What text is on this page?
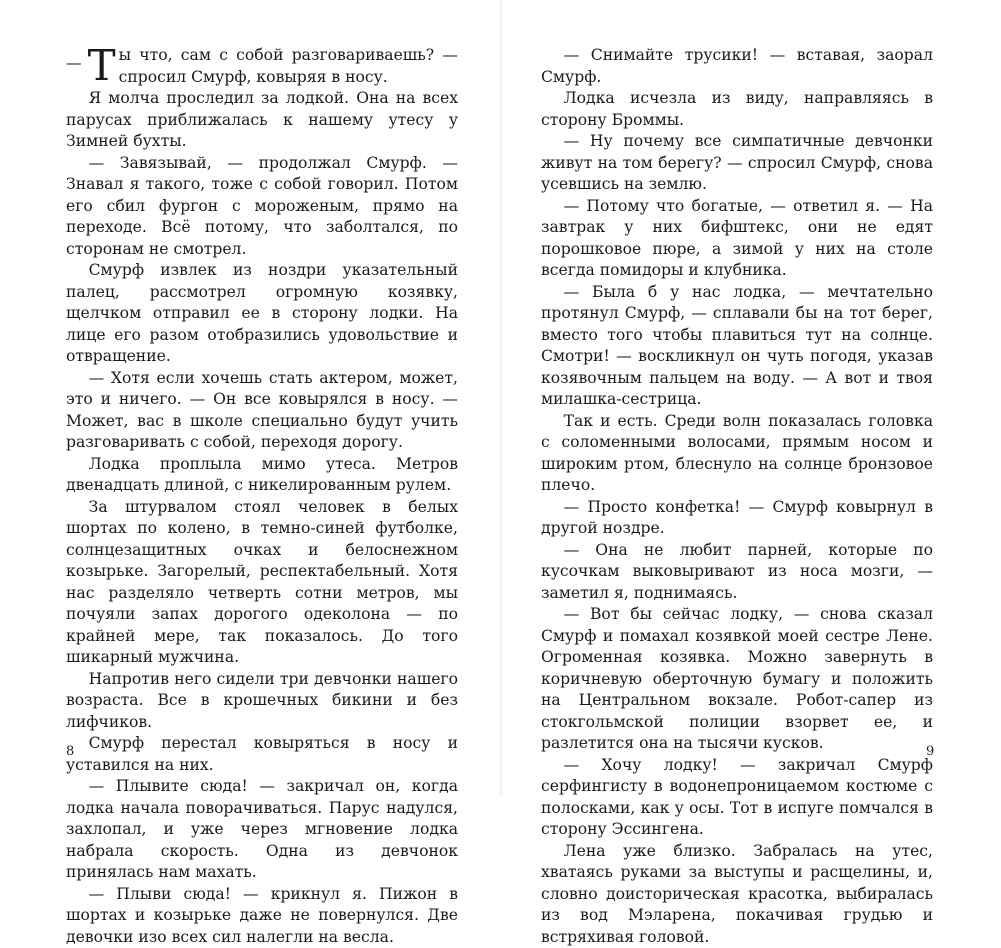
— Т ы что, сам с собой разговариваешь? — спросил Смурф, ковыряя в носу.

Я молча проследил за лодкой. Она на всех парусах приближалась к нашему утесу у Зимней бухты.

— Завязывай, — продолжал Смурф. — Знавал я такого, тоже с собой говорил. Потом его сбил фургон с мороженым, прямо на переходе. Всё потому, что заболтался, по сторонам не смотрел.

Смурф извлек из ноздри указательный палец, рассмотрел огромную козявку, щелчком отправил ее в сторону лодки. На лице его разом отобразились удовольствие и отвращение.

— Хотя если хочешь стать актером, может, это и ничего. — Он все ковырялся в носу. — Может, вас в школе специально будут учить разговаривать с собой, переходя дорогу.

Лодка проплыла мимо утеса. Метров двенадцать длиной, с никелированным рулем.

За штурвалом стоял человек в белых шортах по колено, в темно-синей футболке, солнцезащитных очках и белоснежном козырьке. Загорелый, респектабельный. Хотя нас разделяло четверть сотни метров, мы почуяли запах дорогого одеколона — по крайней мере, так показалось. До того шикарный мужчина.

Напротив него сидели три девчонки нашего возраста. Все в крошечных бикини и без лифчиков.

Смурф перестал ковыряться в носу и уставился на них.

— Плывите сюда! — закричал он, когда лодка начала поворачиваться. Парус надулся, захлопал, и уже через мгновение лодка набрала скорость. Одна из девчонок принялась нам махать.

— Плыви сюда! — крикнул я. Пижон в шортах и козырьке даже не повернулся. Две девочки изо всех сил налегли на весла.

8

— Снимайте трусики! — вставая, заорал Смурф.

Лодка исчезла из виду, направляясь в сторону Броммы.

— Ну почему все симпатичные девчонки живут на том берегу? — спросил Смурф, снова усевшись на землю.

— Потому что богатые, — ответил я. — На завтрак у них бифштекс, они не едят порошковое пюре, а зимой у них на столе всегда помидоры и клубника.

— Была б у нас лодка, — мечтательно протянул Смурф, — сплавали бы на тот берег, вместо того чтобы плавиться тут на солнце. Смотри! — воскликнул он чуть погодя, указав козявочным пальцем на воду. — А вот и твоя милашка-сестрица.

Так и есть. Среди волн показалась головка с соломенными волосами, прямым носом и широким ртом, блеснуло на солнце бронзовое плечо.

— Просто конфетка! — Смурф ковырнул в другой ноздре.

— Она не любит парней, которые по кусочкам выковыривают из носа мозги, — заметил я, поднимаясь.

— Вот бы сейчас лодку, — снова сказал Смурф и помахал козявкой моей сестре Лене. Огроменная козявка. Можно завернуть в коричневую оберточную бумагу и положить на Центральном вокзале. Робот-сапер из стокгольмской полиции взорвет ее, и разлетится она на тысячи кусков.

— Хочу лодку! — закричал Смурф серфингисту в водонепроницаемом костюме с полосками, как у осы. Тот в испуге помчался в сторону Эссингена.

Лена уже близко. Забралась на утес, хватаясь руками за выступы и расщелины, и, словно доисторическая красотка, выбиралась из вод Мэларена, покачивая грудью и встряхивая головой.

9
